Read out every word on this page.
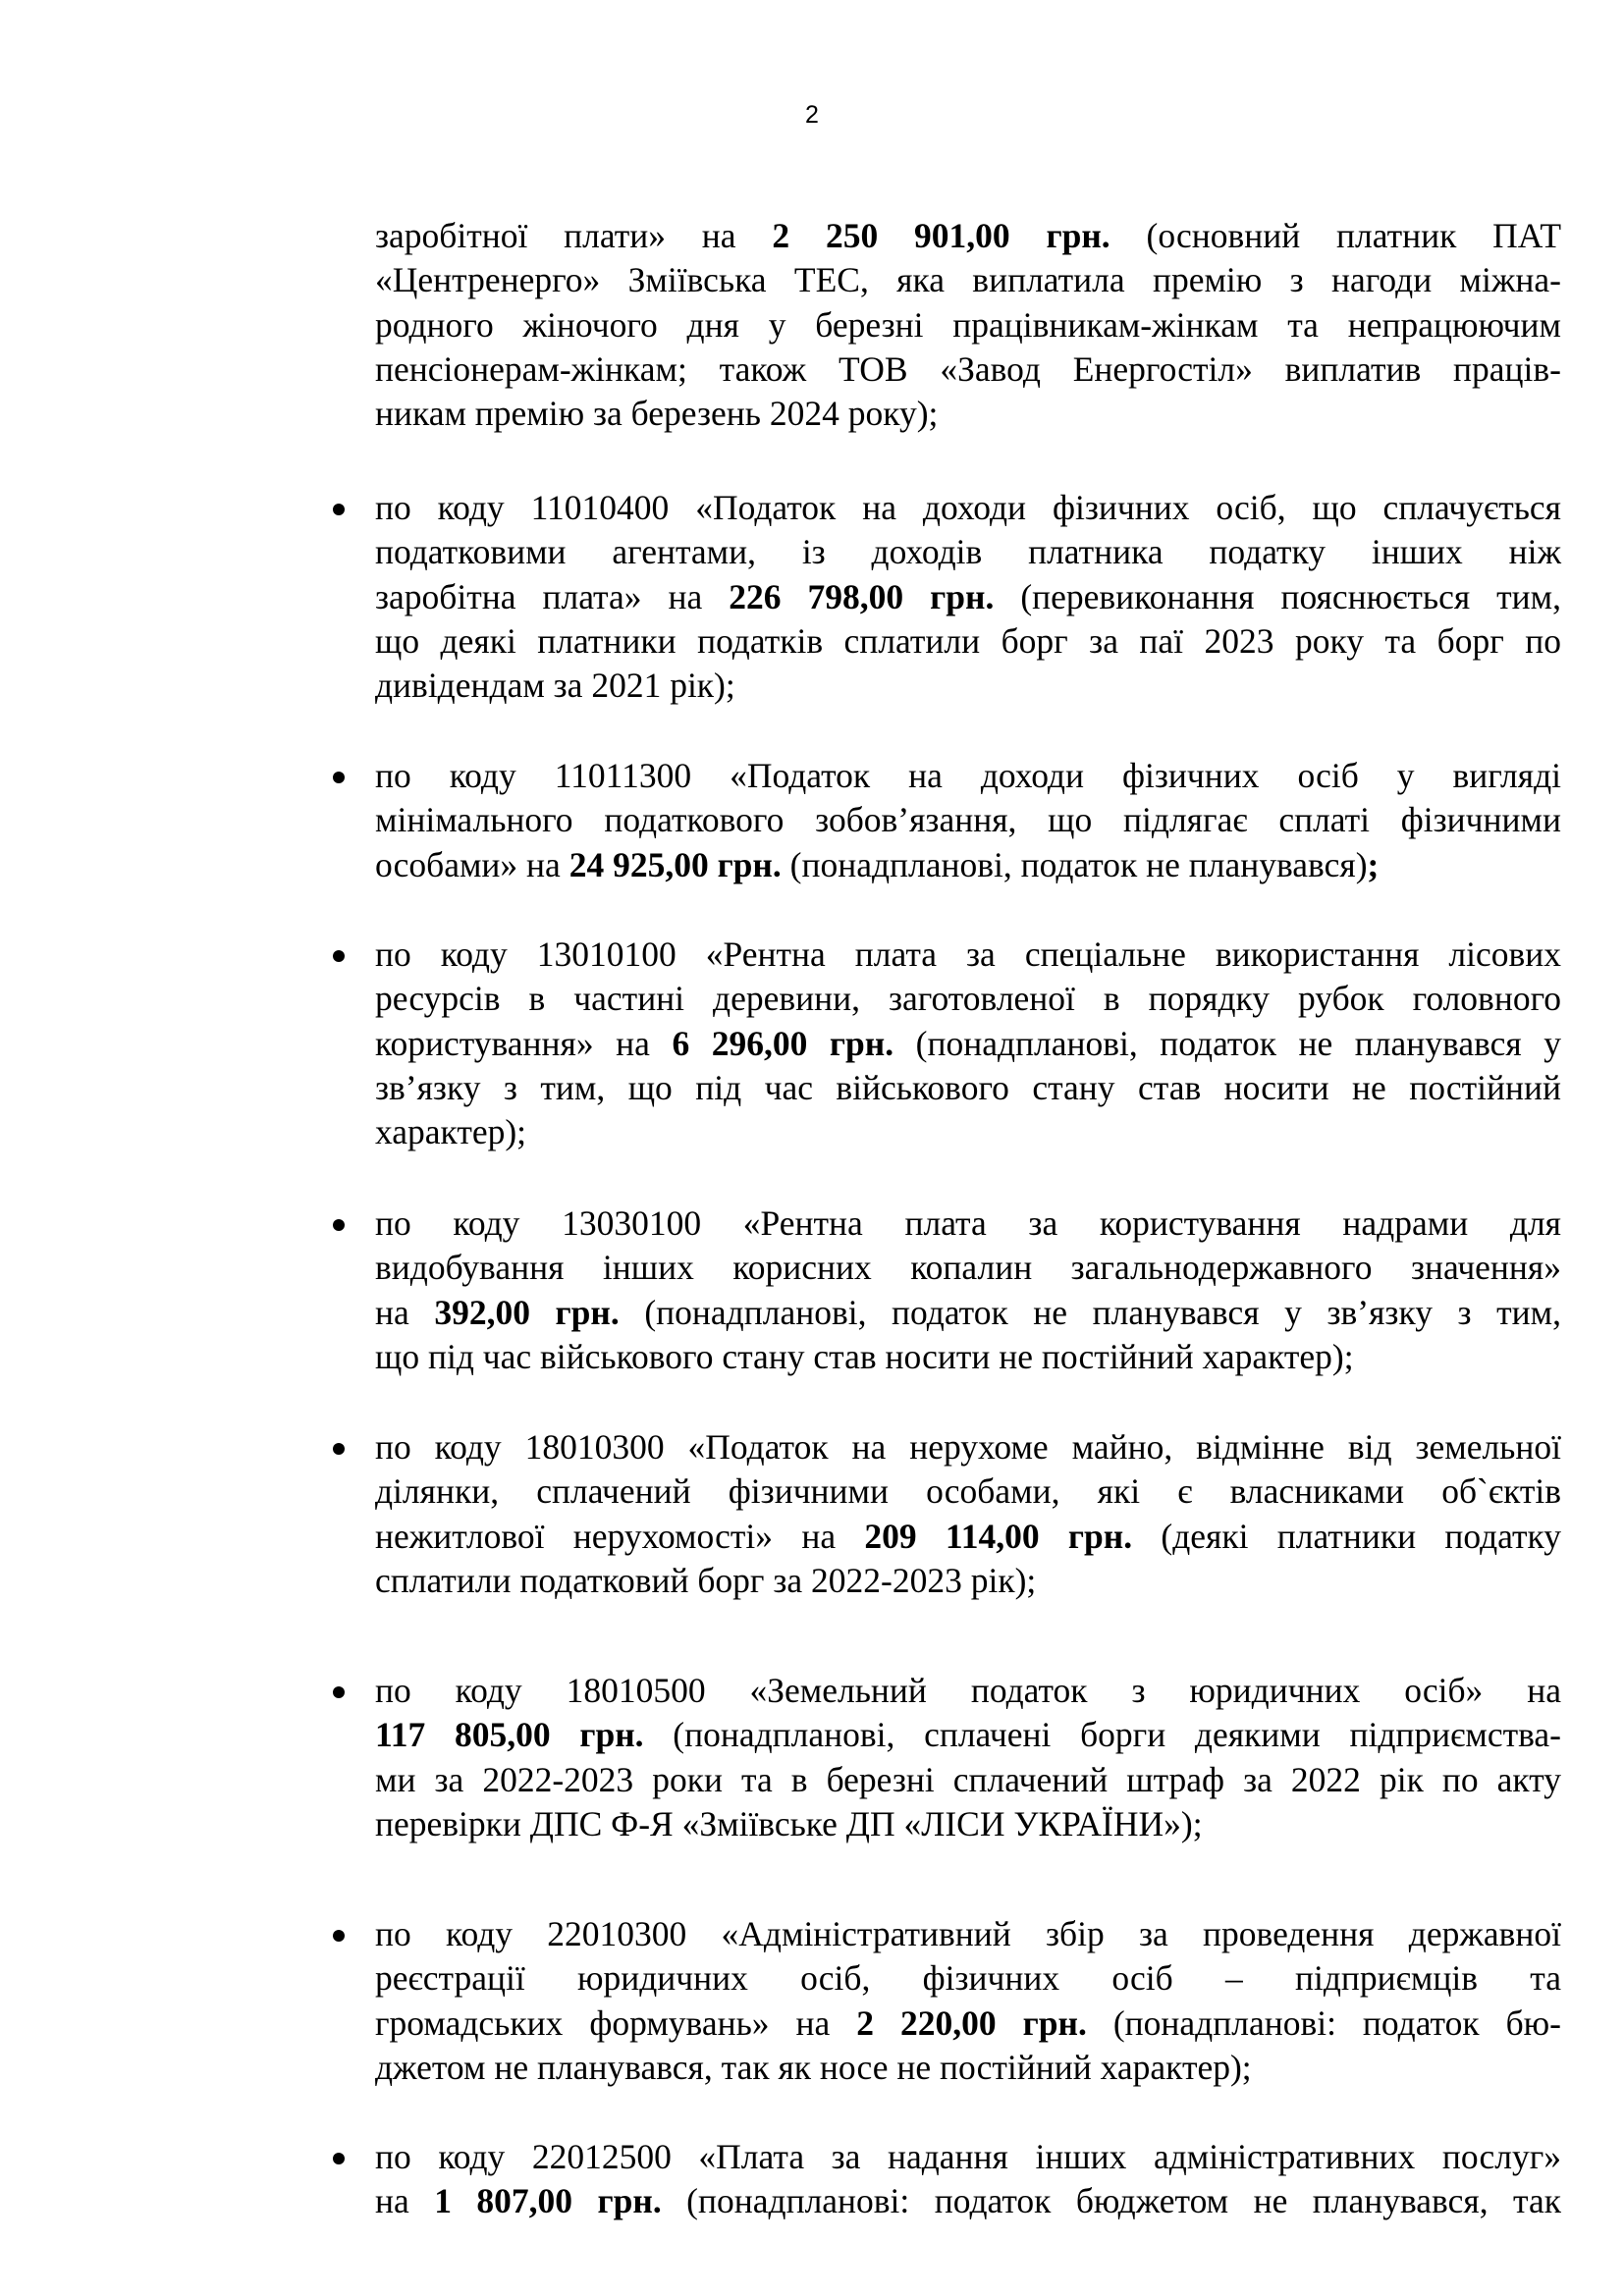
2
заробітної плати» на 2 250 901,00 грн. (основний платник ПАТ
«Центренерго» Зміївська ТЕС, яка виплатила премію з нагоди міжна-
родного жіночого дня у березні працівникам-жінкам та непрацюючим
пенсіонерам-жінкам; також ТОВ «Завод Енергостіл» виплатив праців-
никам премію за березень 2024 року);
по коду 11010400 «Податок на доходи фізичних осіб, що сплачується
податковими агентами, із доходів платника податку інших ніж
заробітна плата» на 226 798,00 грн. (перевиконання пояснюється тим,
що деякі платники податків сплатили борг за паї 2023 року та борг по
дивідендам за 2021 рік);
по коду 11011300 «Податок на доходи фізичних осіб у вигляді
мінімального податкового зобов’язання, що підлягає сплаті фізичними
особами» на 24 925,00 грн. (понадпланові, податок не планувався);
по коду 13010100 «Рентна плата за спеціальне використання лісових
ресурсів в частині деревини, заготовленої в порядку рубок головного
користування» на 6 296,00 грн. (понадпланові, податок не планувався у
зв’язку з тим, що під час військового стану став носити не постійний
характер);
по коду 13030100 «Рентна плата за користування надрами для
видобування інших корисних копалин загальнодержавного значення»
на 392,00 грн. (понадпланові, податок не планувався у зв’язку з тим,
що під час військового стану став носити не постійний характер);
по коду 18010300 «Податок на нерухоме майно, відмінне від земельної
ділянки, сплачений фізичними особами, які є власниками об`єктів
нежитлової нерухомості» на 209 114,00 грн. (деякі платники податку
сплатили податковий борг за 2022-2023 рік);
по коду 18010500 «Земельний податок з юридичних осіб» на
117 805,00 грн. (понадпланові, сплачені борги деякими підприємства-
ми за 2022-2023 роки та в березні сплачений штраф за 2022 рік по акту
перевірки ДПС Ф-Я «Зміївське ДП «ЛІСИ УКРАЇНИ»);
по коду 22010300 «Адміністративний збір за проведення державної
реєстрації юридичних осіб, фізичних осіб – підприємців та
громадських формувань» на 2 220,00 грн. (понадпланові: податок бю-
джетом не планувався, так як носе не постійний характер);
по коду 22012500 «Плата за надання інших адміністративних послуг»
на 1 807,00 грн. (понадпланові: податок бюджетом не планувався, так
